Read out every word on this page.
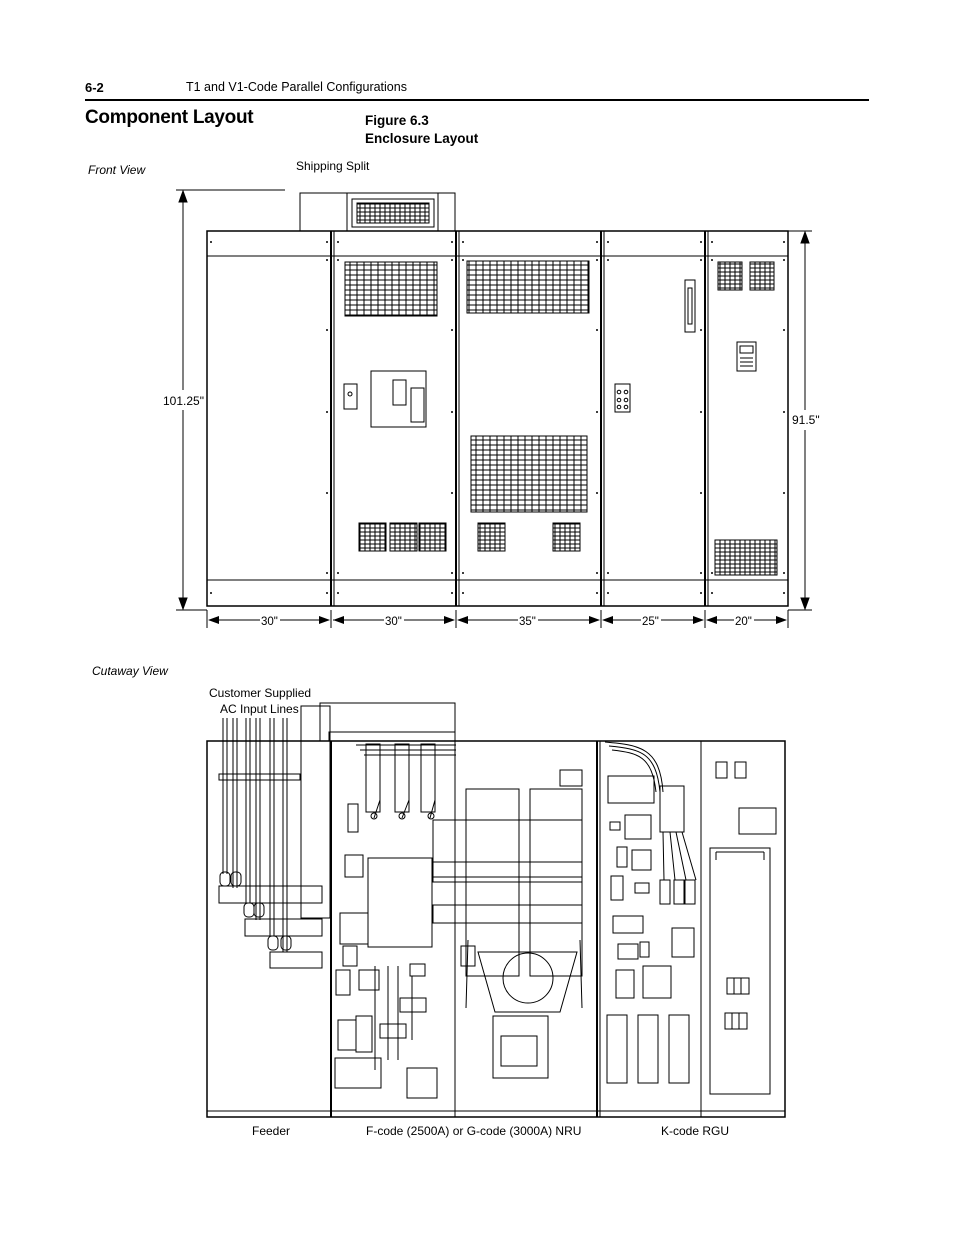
6-2	T1 and V1-Code Parallel Configurations
Component Layout	Figure 6.3
Enclosure Layout
Front View	Shipping Split
101.25"
91.5"
Cutaway View
Customer Supplied
AC Input Lines
Feeder	F-code (2500A) or G-code (3000A) NRU	K-code RGU
30"	30"	35"	25"	20"
